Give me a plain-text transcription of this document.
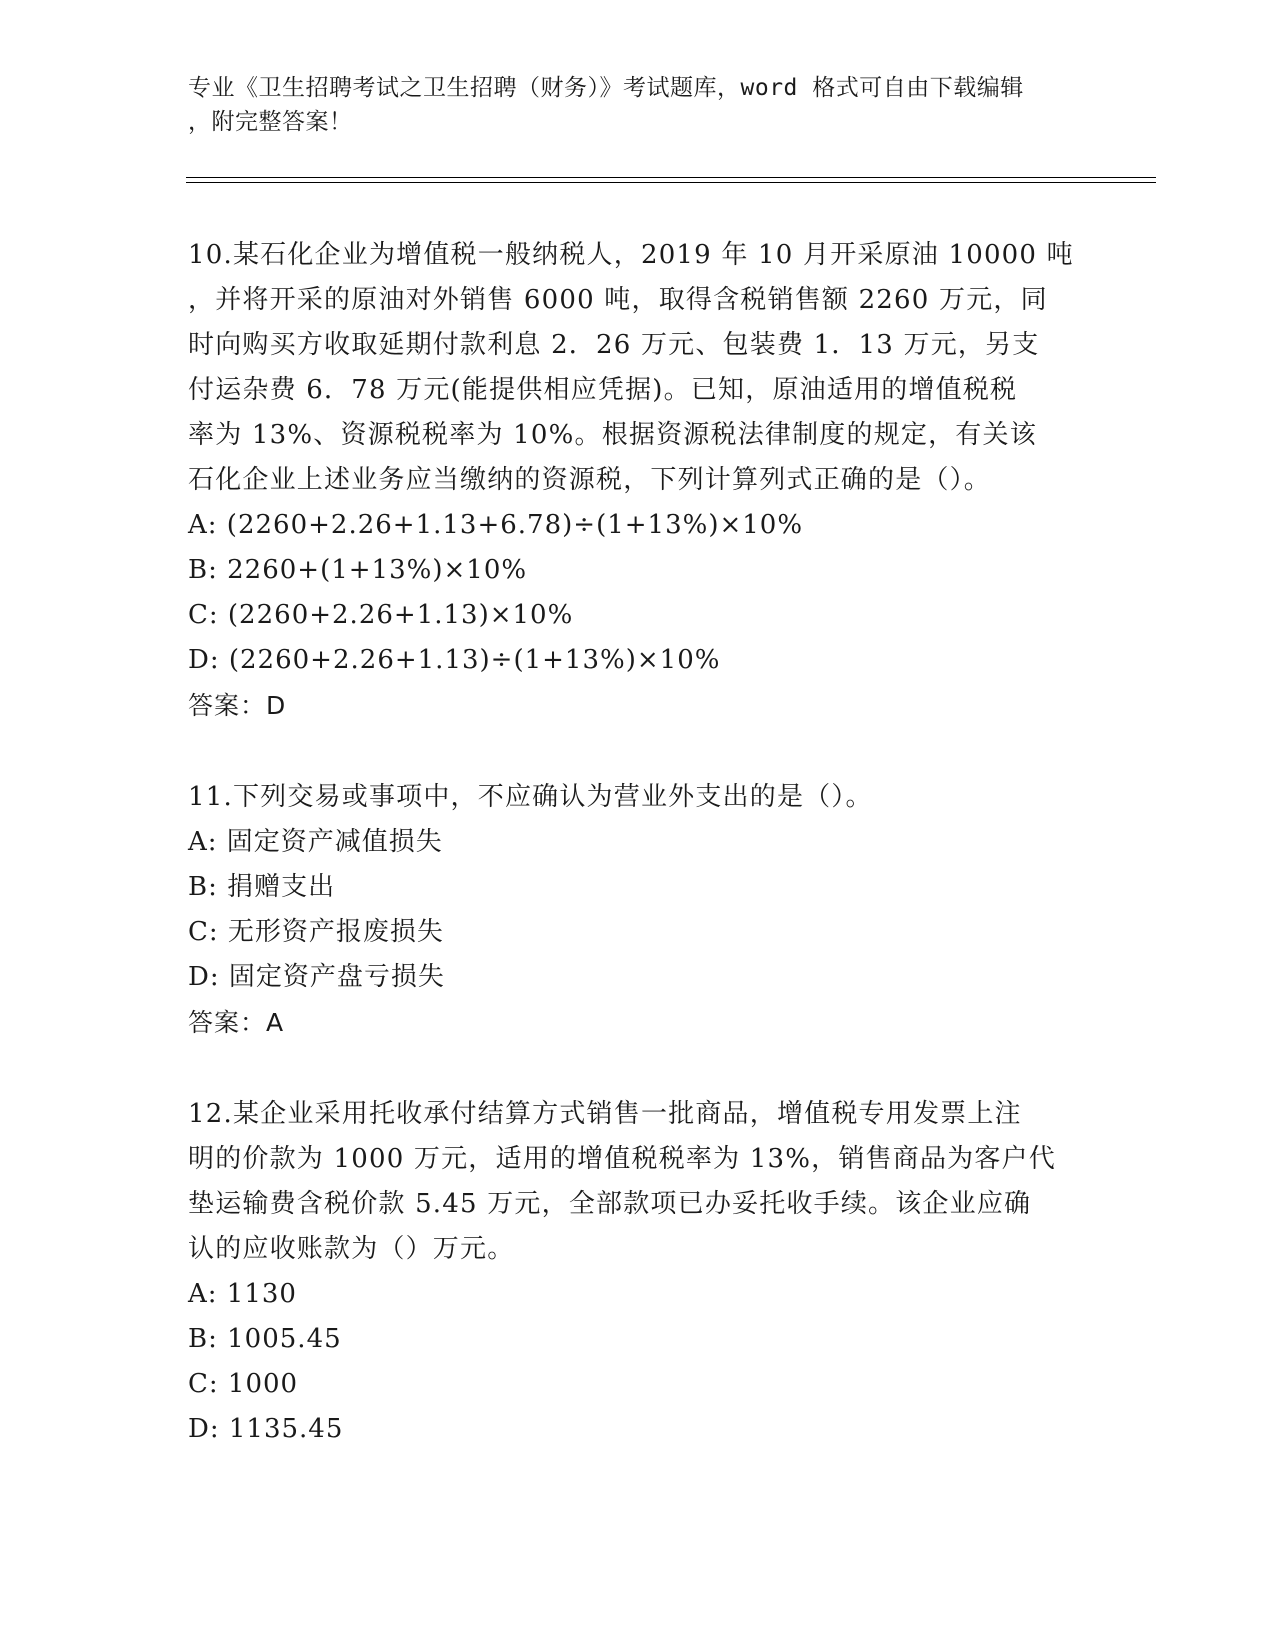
专业《卫生招聘考试之卫生招聘（财务）》考试题库，word 格式可自由下载编辑
，附完整答案！
10.某石化企业为增值税一般纳税人，2019 年 10 月开采原油 10000 吨
，并将开采的原油对外销售 6000 吨，取得含税销售额 2260 万元，同
时向购买方收取延期付款利息 2．26 万元、包装费 1．13 万元，另支
付运杂费 6．78 万元(能提供相应凭据)。已知，原油适用的增值税税
率为 13%、资源税税率为 10%。根据资源税法律制度的规定，有关该
石化企业上述业务应当缴纳的资源税，下列计算列式正确的是（）。
A: (2260+2.26+1.13+6.78)÷(1+13%)×10%
B: 2260+(1+13%)×10%
C: (2260+2.26+1.13)×10%
D: (2260+2.26+1.13)÷(1+13%)×10%
答案：D
11.下列交易或事项中，不应确认为营业外支出的是（）。
A: 固定资产减值损失
B: 捐赠支出
C: 无形资产报废损失
D: 固定资产盘亏损失
答案：A
12.某企业采用托收承付结算方式销售一批商品，增值税专用发票上注
明的价款为 1000 万元，适用的增值税税率为 13%，销售商品为客户代
垫运输费含税价款 5.45 万元，全部款项已办妥托收手续。该企业应确
认的应收账款为（）万元。
A: 1130
B: 1005.45
C: 1000
D: 1135.45
